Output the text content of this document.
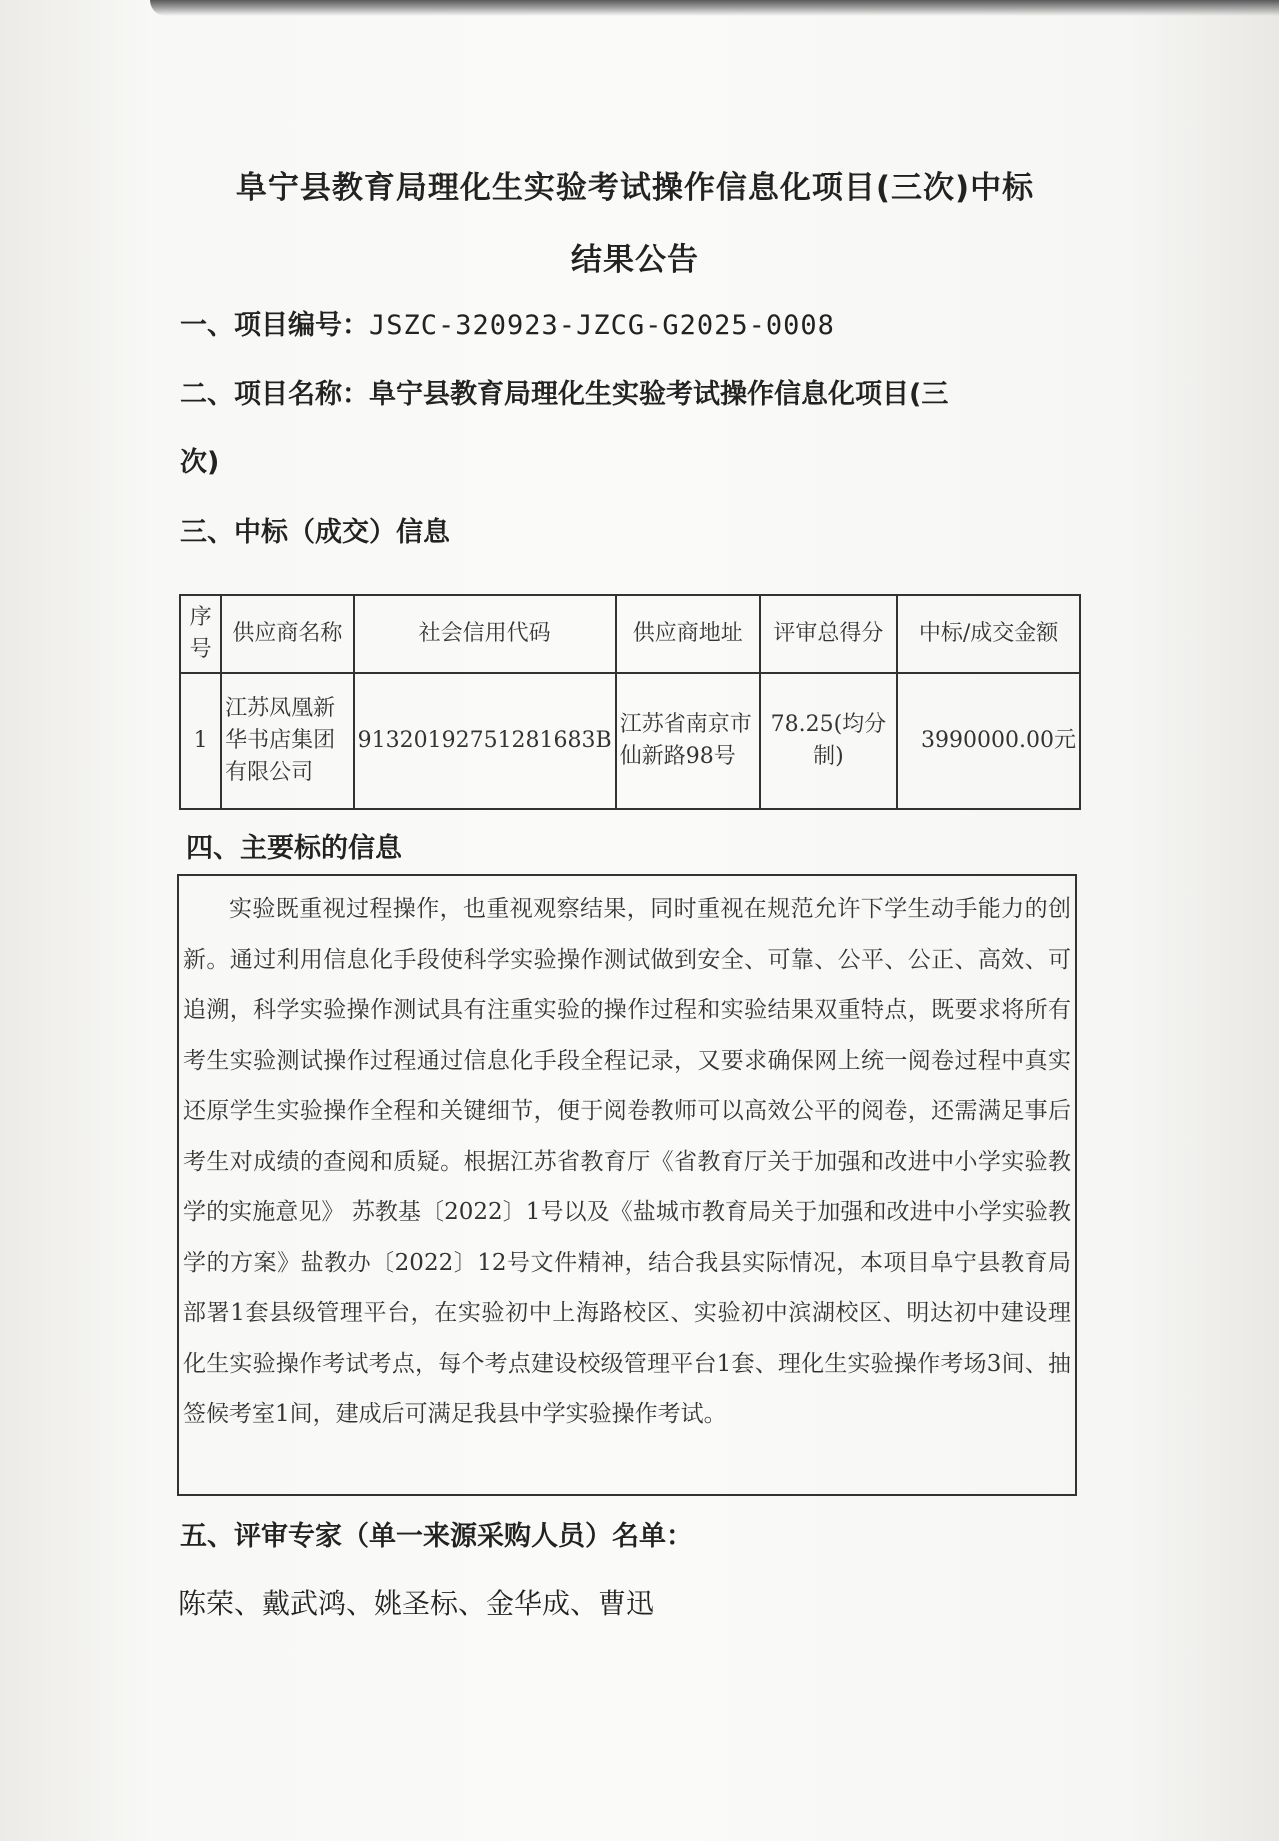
阜宁县教育局理化生实验考试操作信息化项目(三次)中标
结果公告
一、项目编号：JSZC-320923-JZCG-G2025-0008
二、项目名称：阜宁县教育局理化生实验考试操作信息化项目(三
次)
三、中标（成交）信息
序号	供应商名称	社会信用代码	供应商地址	评审总得分	中标/成交金额
1	江苏凤凰新华书店集团有限公司	91320192751281683B	江苏省南京市仙新路98号	78.25(均分制)	3990000.00元
四、主要标的信息

实验既重视过程操作，也重视观察结果，同时重视在规范允许下学生动手能力的创新。通过利用信息化手段使科学实验操作测试做到安全、可靠、公平、公正、高效、可追溯，科学实验操作测试具有注重实验的操作过程和实验结果双重特点，既要求将所有考生实验测试操作过程通过信息化手段全程记录，又要求确保网上统一阅卷过程中真实还原学生实验操作全程和关键细节，便于阅卷教师可以高效公平的阅卷，还需满足事后考生对成绩的查阅和质疑。根据江苏省教育厅《省教育厅关于加强和改进中小学实验教学的实施意见》 苏教基〔2022〕1号以及《盐城市教育局关于加强和改进中小学实验教学的方案》盐教办〔2022〕12号文件精神，结合我县实际情况，本项目阜宁县教育局部署1套县级管理平台，在实验初中上海路校区、实验初中滨湖校区、明达初中建设理化生实验操作考试考点，每个考点建设校级管理平台1套、理化生实验操作考场3间、抽签候考室1间，建成后可满足我县中学实验操作考试。

五、评审专家（单一来源采购人员）名单：
陈荣、戴武鸿、姚圣标、金华成、曹迅
